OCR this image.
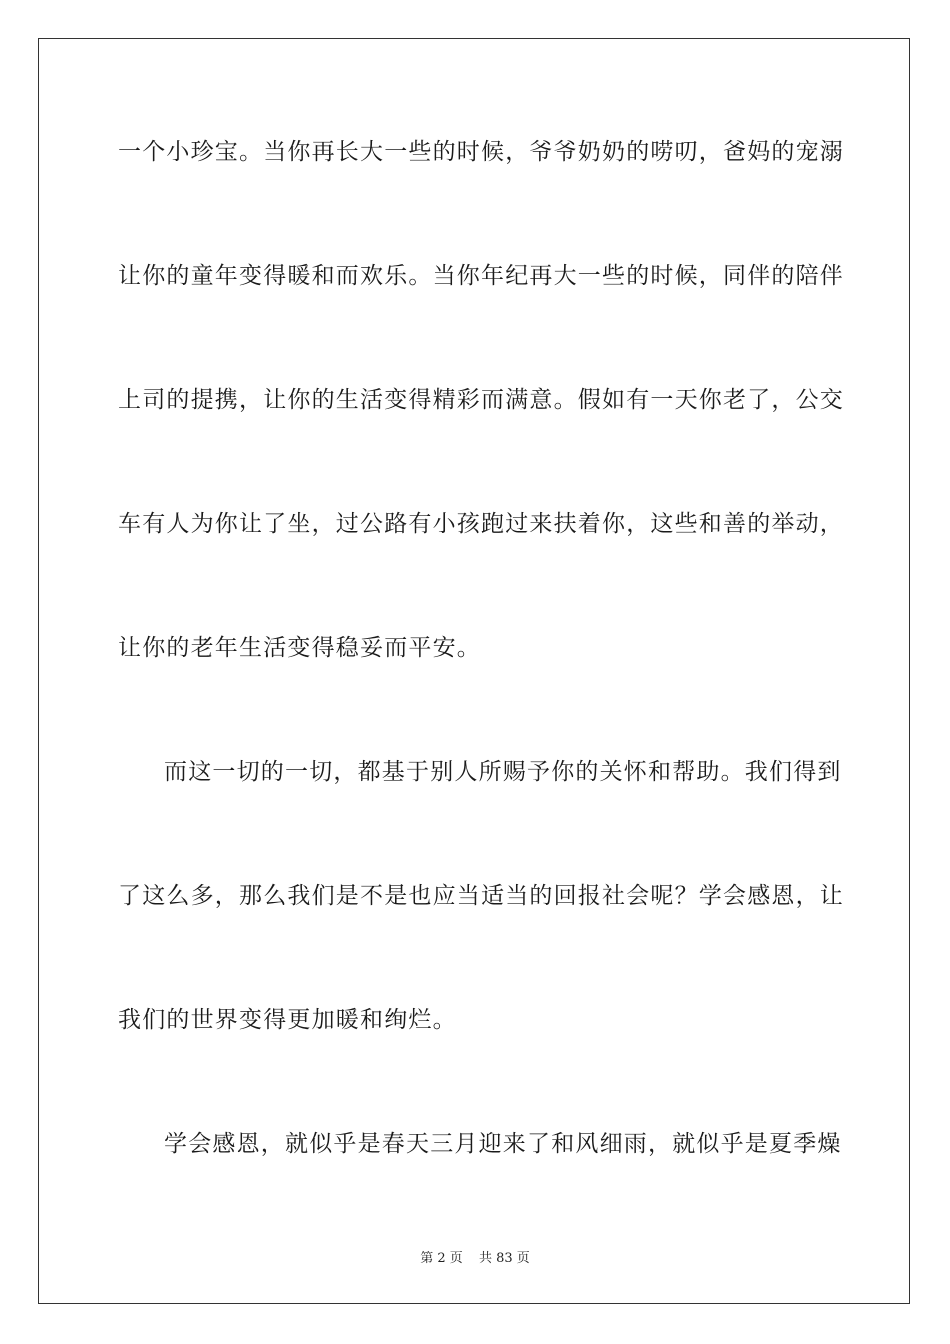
一个小珍宝。当你再长大一些的时候，爷爷奶奶的唠叨，爸妈的宠溺
让你的童年变得暖和而欢乐。当你年纪再大一些的时候，同伴的陪伴
上司的提携，让你的生活变得精彩而满意。假如有一天你老了，公交
车有人为你让了坐，过公路有小孩跑过来扶着你，这些和善的举动，
让你的老年生活变得稳妥而平安。
而这一切的一切，都基于别人所赐予你的关怀和帮助。我们得到
了这么多，那么我们是不是也应当适当的回报社会呢？学会感恩，让
我们的世界变得更加暖和绚烂。
学会感恩，就似乎是春天三月迎来了和风细雨，就似乎是夏季燥
第 2 页 共 83 页
